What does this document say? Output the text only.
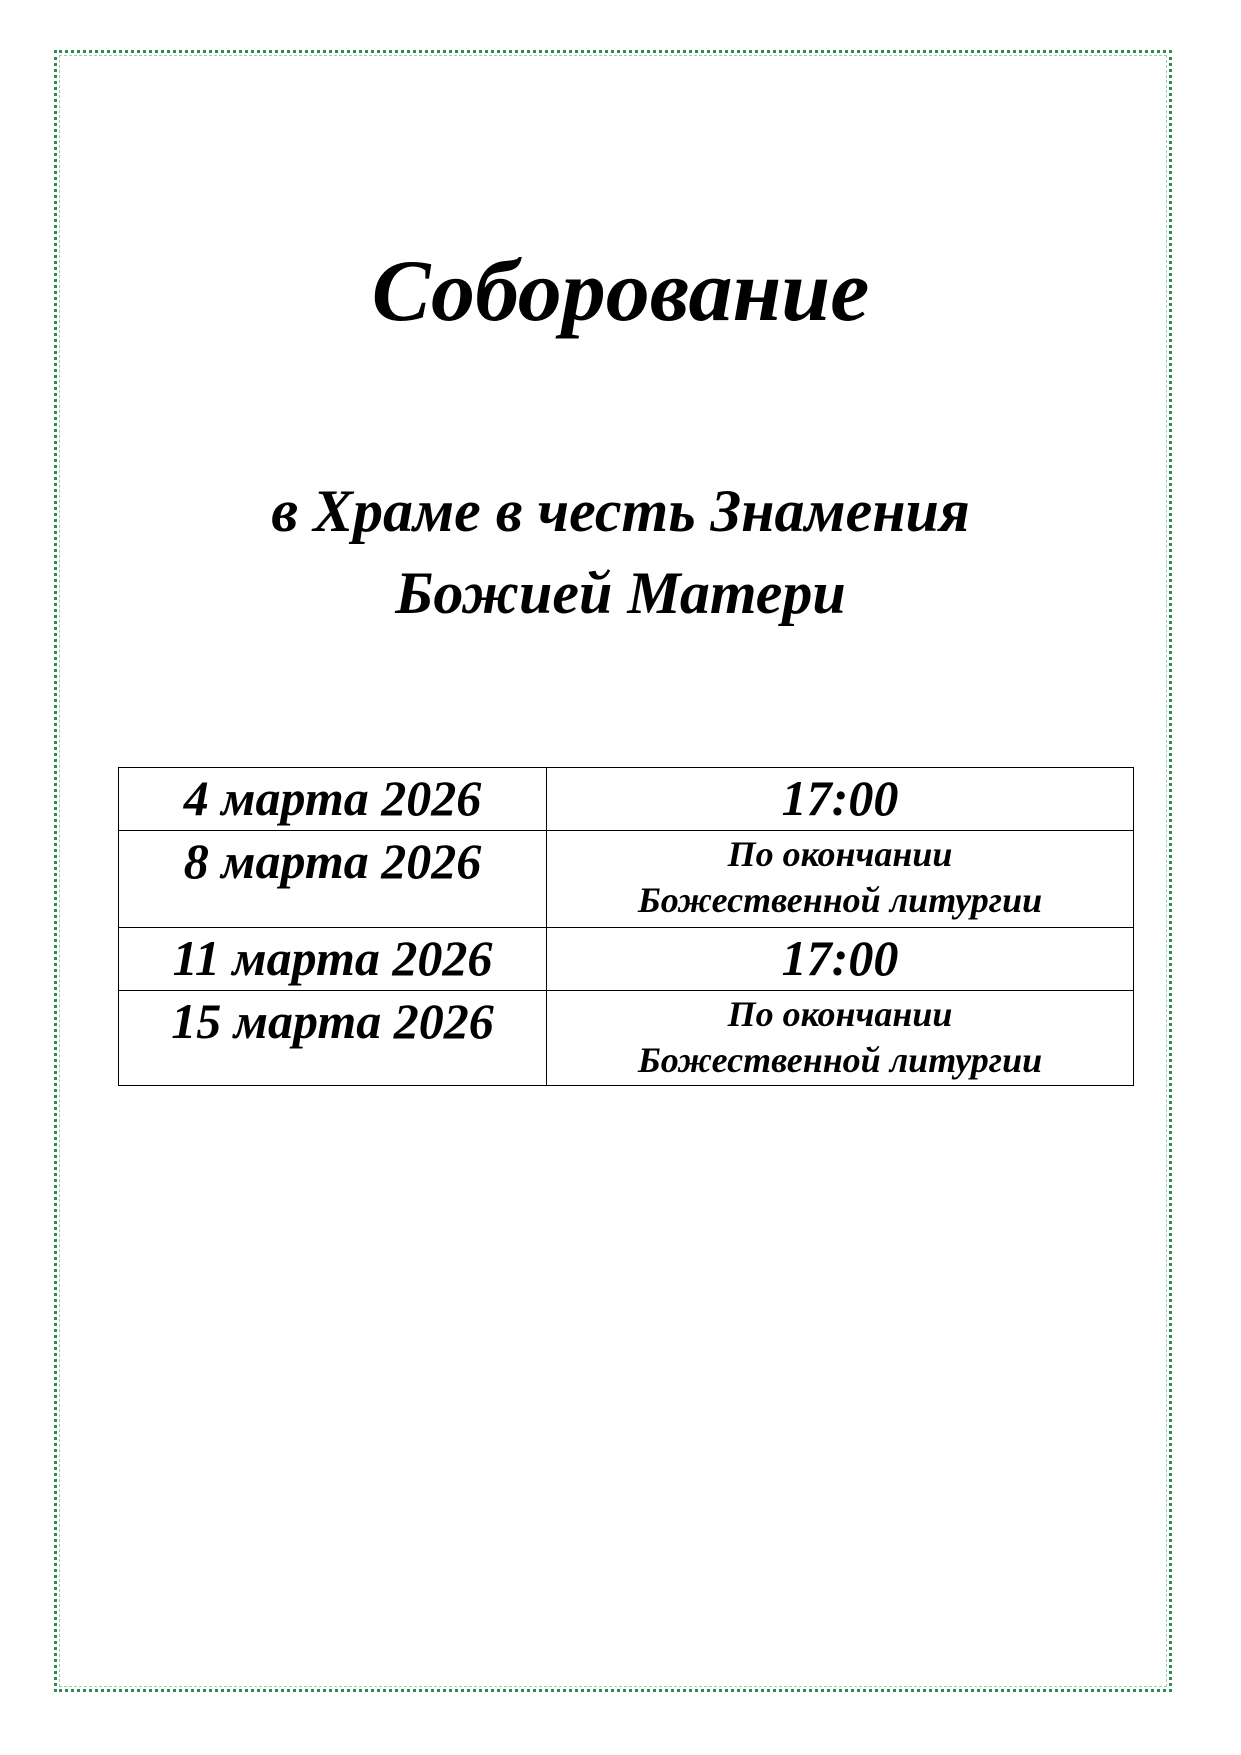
Соборование
в Храме в честь Знамения
Божией Матери
4 марта 2026	17:00
8 марта 2026	По окончании
Божественной литургии

11 марта 2026	17:00
15 марта 2026	По окончании
Божественной литургии
